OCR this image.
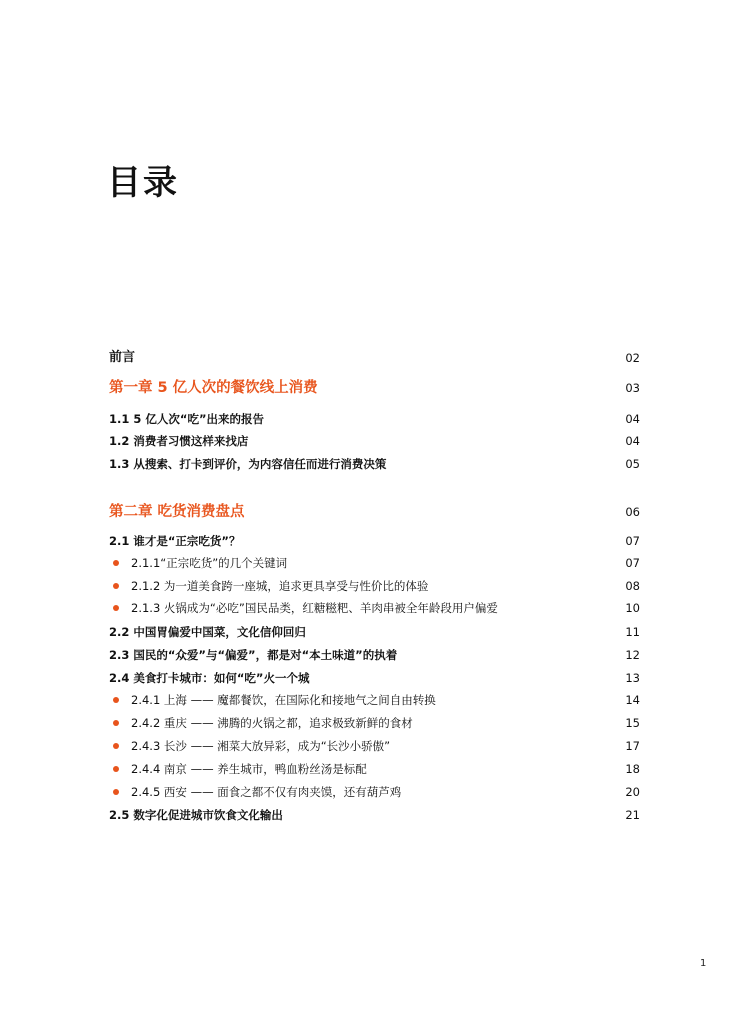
目录
前言	02
第一章 5 亿人次的餐饮线上消费	03
1.1 5 亿人次“吃”出来的报告	04
1.2 消费者习惯这样来找店	04
1.3 从搜索、打卡到评价，为内容信任而进行消费决策	05
第二章 吃货消费盘点	06
2.1 谁才是“正宗吃货”？	07
2.1.1“正宗吃货”的几个关键词	07
2.1.2 为一道美食跨一座城，追求更具享受与性价比的体验	08
2.1.3 火锅成为“必吃”国民品类，红糖糍粑、羊肉串被全年龄段用户偏爱	10
2.2 中国胃偏爱中国菜，文化信仰回归	11
2.3 国民的“众爱”与“偏爱”，都是对“本土味道”的执着	12
2.4 美食打卡城市：如何“吃”火一个城	13
2.4.1 上海 —— 魔都餐饮，在国际化和接地气之间自由转换	14
2.4.2 重庆 —— 沸腾的火锅之都，追求极致新鲜的食材	15
2.4.3 长沙 —— 湘菜大放异彩，成为“长沙小骄傲”	17
2.4.4 南京 —— 养生城市，鸭血粉丝汤是标配	18
2.4.5 西安 —— 面食之都不仅有肉夹馍，还有葫芦鸡	20
2.5 数字化促进城市饮食文化输出	21
1
